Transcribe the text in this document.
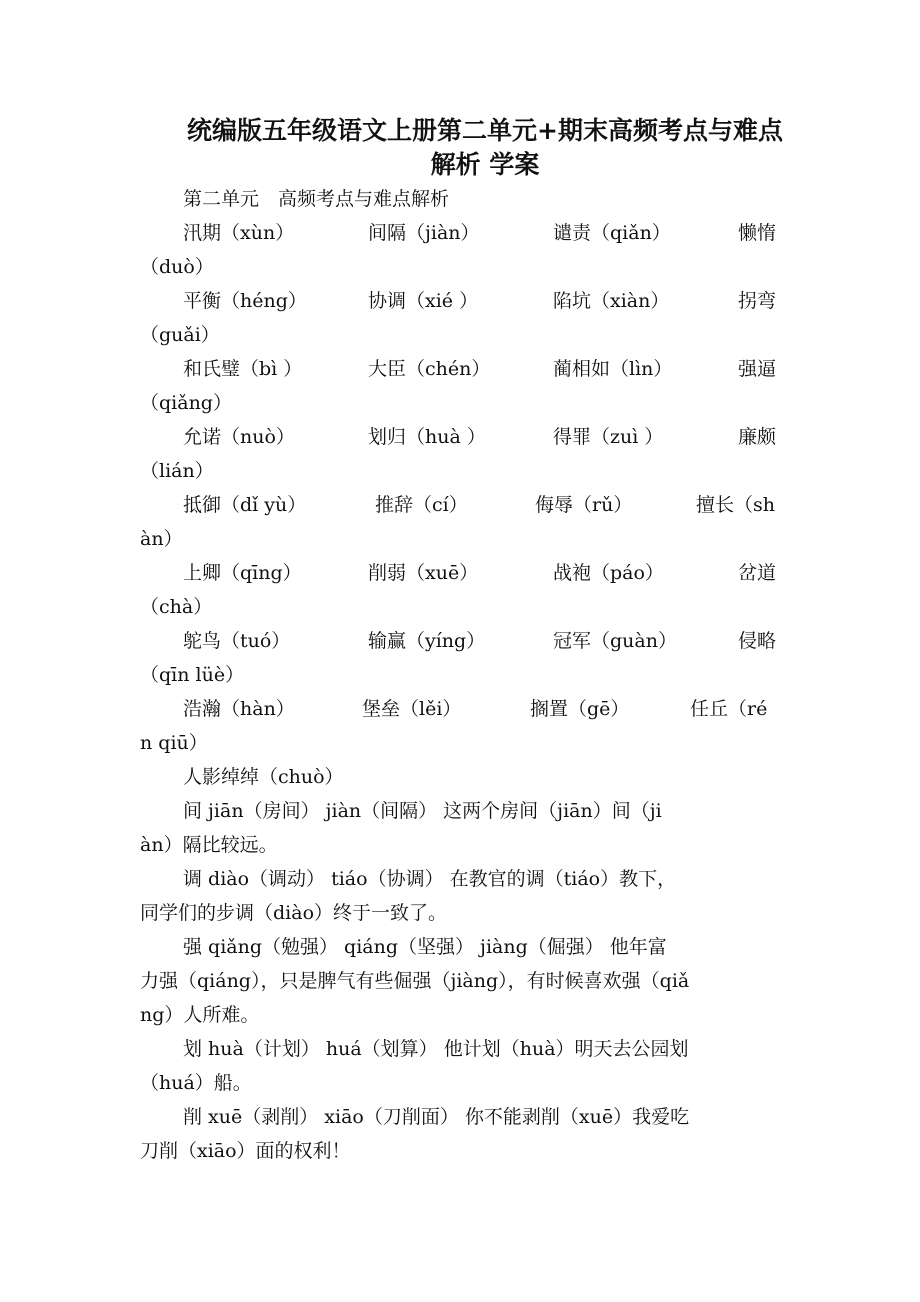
统编版五年级语文上册第二单元+期末高频考点与难点
解析 学案
第二单元　高频考点与难点解析
汛期（xùn）	间隔（jiàn）	谴责（qiǎn）	懒惰
（duò）
平衡（héng）	协调（xié ）	陷坑（xiàn）	拐弯
（guǎi）
和氏璧（bì ）	大臣（chén）	蔺相如（lìn）	强逼
（qiǎng）
允诺（nuò）	划归（huà ）	得罪（zuì ）	廉颇
（lián）
抵御（dǐ yù）	推辞（cí）	侮辱（rǔ）	擅长（sh
àn）
上卿（qīng）	削弱（xuē）	战袍（páo）	岔道
（chà）
鸵鸟（tuó）	输赢（yíng）	冠军（guàn）	侵略
（qīn lüè）
浩瀚（hàn）	堡垒（lěi）	搁置（gē）	任丘（ré
n qiū）
人影绰绰（chuò）
间 jiān（房间） jiàn（间隔） 这两个房间（jiān）间（ji
àn）隔比较远。
调 diào（调动） tiáo（协调） 在教官的调（tiáo）教下，
同学们的步调（diào）终于一致了。
强 qiǎng（勉强） qiáng（坚强） jiàng（倔强） 他年富
力强（qiáng），只是脾气有些倔强（jiàng），有时候喜欢强（qiǎ
ng）人所难。
划 huà（计划） huá（划算） 他计划（huà）明天去公园划
（huá）船。
削 xuē（剥削） xiāo（刀削面） 你不能剥削（xuē）我爱吃
刀削（xiāo）面的权利！
